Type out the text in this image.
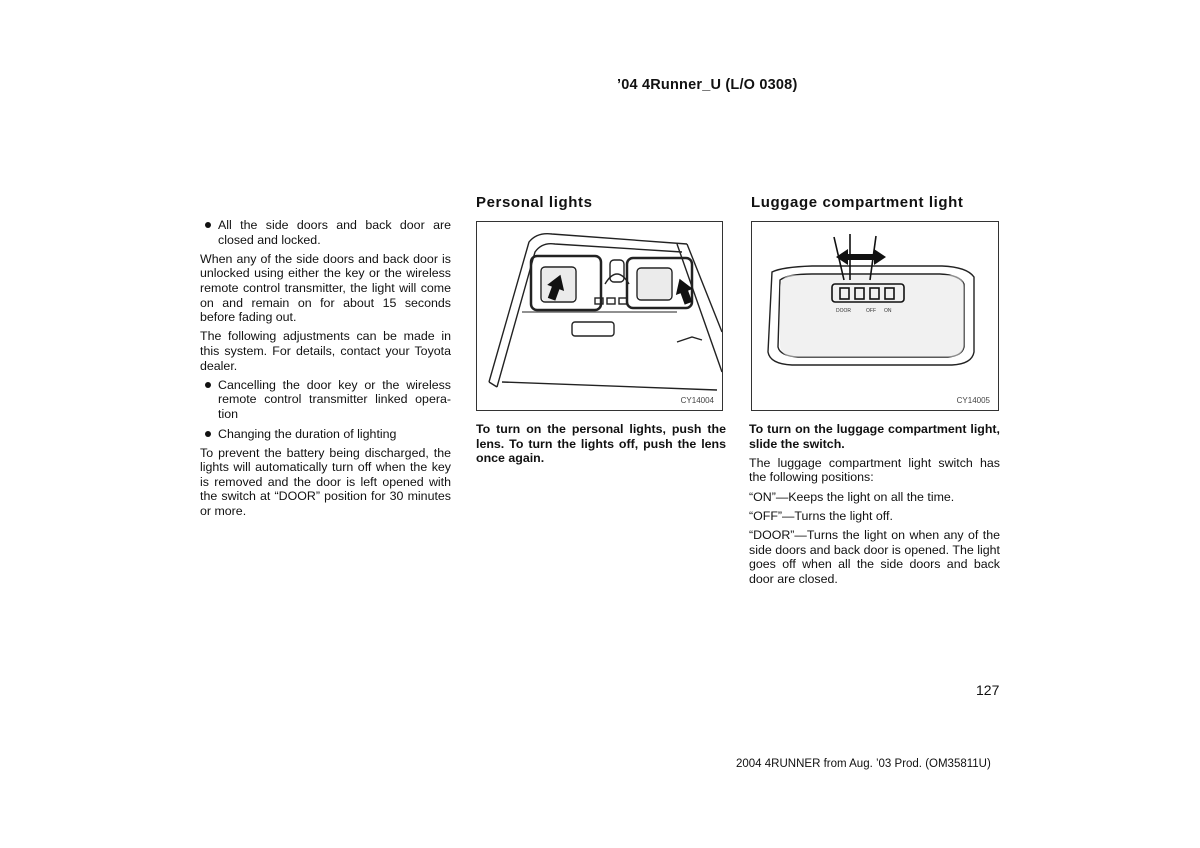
’04 4Runner_U (L/O 0308)
All the side doors and back door are closed and locked.

When any of the side doors and back door is unlocked using either the key or the wireless remote control transmitter, the light will come on and remain on for about 15 seconds before fading out.

The following adjustments can be made in this system. For details, contact your Toyota dealer.

Cancelling the door key or the wireless remote control transmitter linked opera-tion
Changing the duration of lighting

To prevent the battery being discharged, the lights will automatically turn off when the key is removed and the door is left opened with the switch at “DOOR” position for 30 minutes or more.

Personal lights
CY14004

To turn on the personal lights, push the lens. To turn the lights off, push the lens once again.

Luggage compartment light
DOOR	OFF ON
CY14005

To turn on the luggage compartment light, slide the switch.

The luggage compartment light switch has the following positions:

“ON”—Keeps the light on all the time.

“OFF”—Turns the light off.

“DOOR”—Turns the light on when any of the side doors and back door is opened. The light goes off when all the side doors and back door are closed.

127
2004 4RUNNER from Aug. ’03 Prod. (OM35811U)
